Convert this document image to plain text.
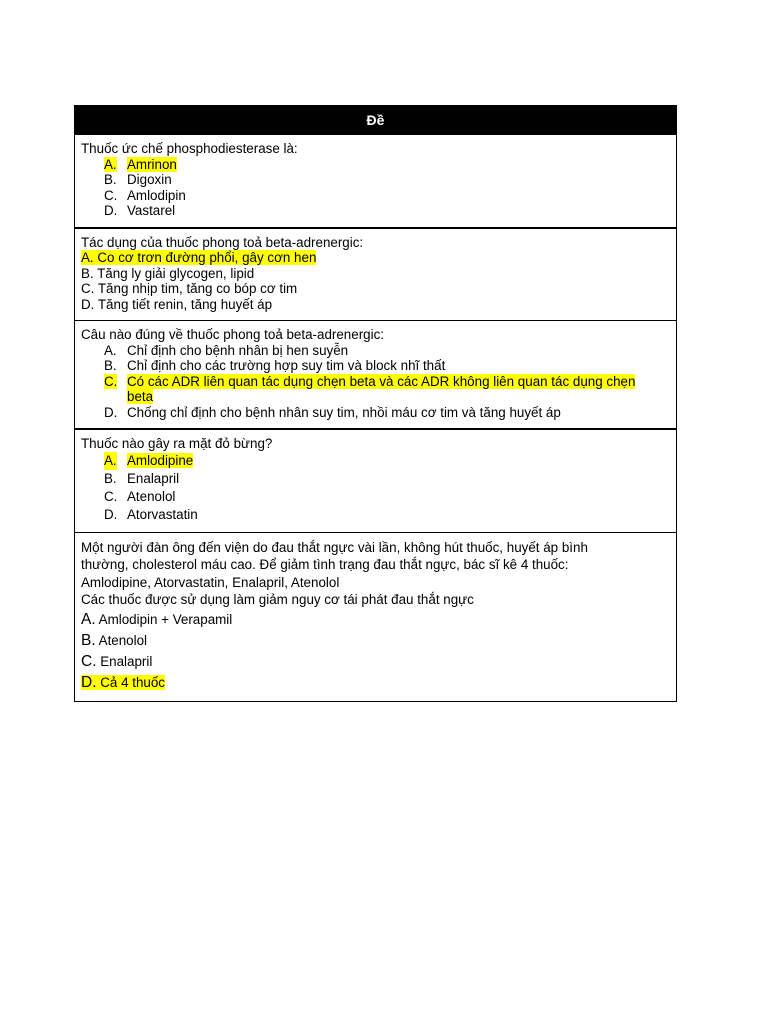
Đề
Thuốc ức chế phosphodiesterase là:
A. Amrinon
B. Digoxin
C. Amlodipin
D. Vastarel
Tác dụng của thuốc phong toả beta-adrenergic:
A. Co cơ trơn đường phổi, gây cơn hen
B. Tăng ly giải glycogen, lipid
C. Tăng nhịp tim, tăng co bóp cơ tim
D. Tăng tiết renin, tăng huyết áp
Câu nào đúng về thuốc phong toả beta-adrenergic:
A. Chỉ định cho bệnh nhân bị hen suyễn
B. Chỉ định cho các trường hợp suy tim và block nhĩ thất
C. Có các ADR liên quan tác dụng chẹn beta và các ADR không liên quan tác dụng chẹn
beta
D. Chống chỉ định cho bệnh nhân suy tim, nhồi máu cơ tim và tăng huyết áp
Thuốc nào gây ra mặt đỏ bừng?
A. Amlodipine
B. Enalapril
C. Atenolol
D. Atorvastatin
Một người đàn ông đến viện do đau thắt ngực vài lần, không hút thuốc, huyết áp bình
thường, cholesterol máu cao. Để giảm tình trạng đau thắt ngực, bác sĩ kê 4 thuốc:
Amlodipine, Atorvastatin, Enalapril, Atenolol
Các thuốc được sử dụng làm giảm nguy cơ tái phát đau thắt ngực
A. Amlodipin + Verapamil
B. Atenolol
C. Enalapril
D. Cả 4 thuốc
